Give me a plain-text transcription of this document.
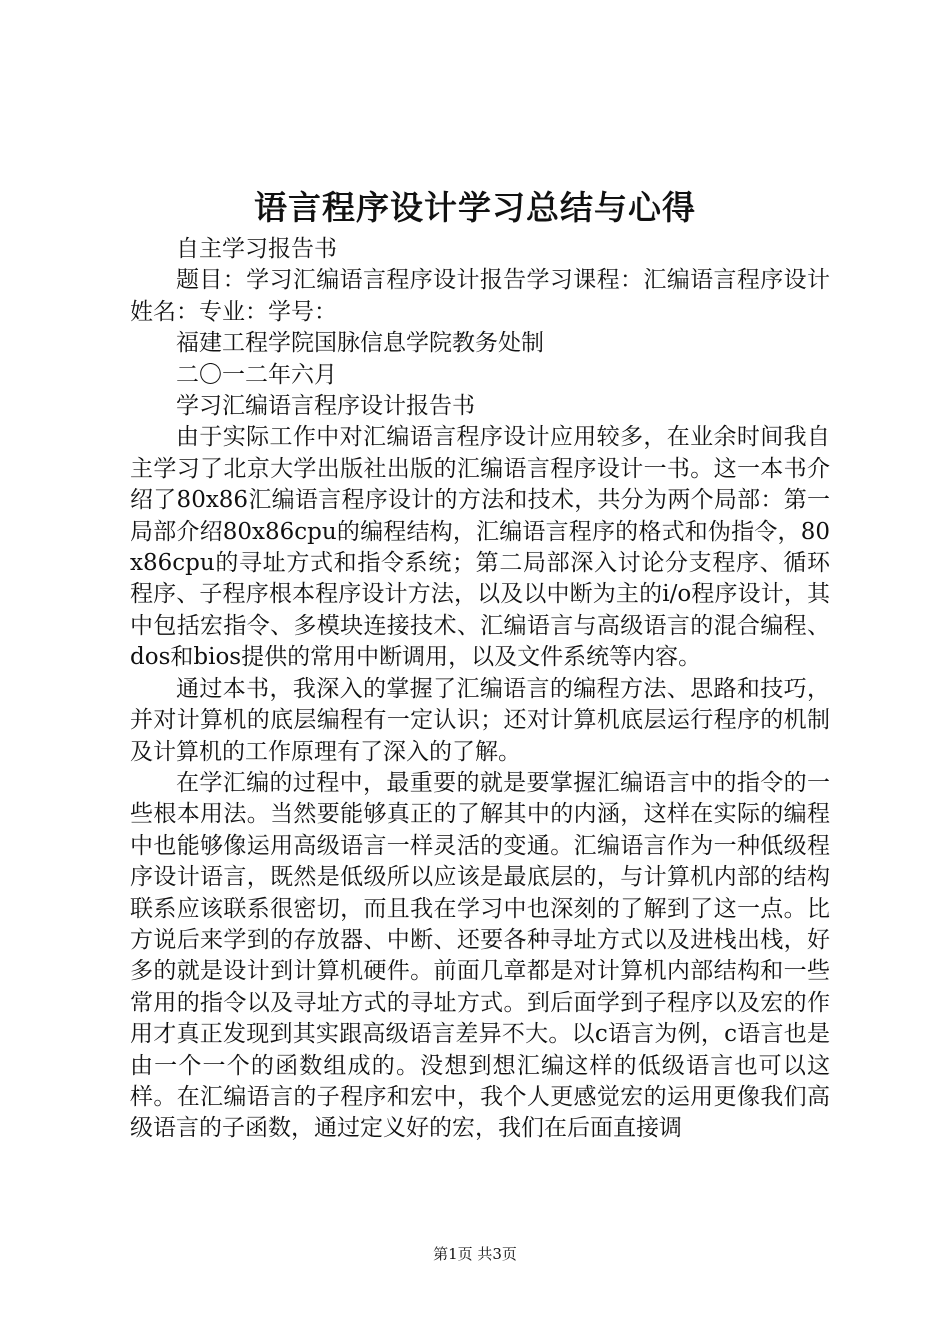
语言程序设计学习总结与心得

自主学习报告书

题目：学习汇编语言程序设计报告学习课程：汇编语言程序设计姓名：专业：学号：

福建工程学院国脉信息学院教务处制

二〇一二年六月

学习汇编语言程序设计报告书

由于实际工作中对汇编语言程序设计应用较多，在业余时间我自主学习了北京大学出版社出版的汇编语言程序设计一书。这一本书介绍了80x86汇编语言程序设计的方法和技术，共分为两个局部：第一局部介绍80x86cpu的编程结构，汇编语言程序的格式和伪指令，80x86cpu的寻址方式和指令系统；第二局部深入讨论分支程序、循环程序、子程序根本程序设计方法，以及以中断为主的i/o程序设计，其中包括宏指令、多模块连接技术、汇编语言与高级语言的混合编程、dos和bios提供的常用中断调用，以及文件系统等内容。

通过本书，我深入的掌握了汇编语言的编程方法、思路和技巧，并对计算机的底层编程有一定认识；还对计算机底层运行程序的机制及计算机的工作原理有了深入的了解。

在学汇编的过程中，最重要的就是要掌握汇编语言中的指令的一些根本用法。当然要能够真正的了解其中的内涵，这样在实际的编程中也能够像运用高级语言一样灵活的变通。汇编语言作为一种低级程序设计语言，既然是低级所以应该是最底层的，与计算机内部的结构联系应该联系很密切，而且我在学习中也深刻的了解到了这一点。比方说后来学到的存放器、中断、还要各种寻址方式以及进栈出栈，好多的就是设计到计算机硬件。前面几章都是对计算机内部结构和一些常用的指令以及寻址方式的寻址方式。到后面学到子程序以及宏的作用才真正发现到其实跟高级语言差异不大。以c语言为例，c语言也是由一个一个的函数组成的。没想到想汇编这样的低级语言也可以这样。在汇编语言的子程序和宏中，我个人更感觉宏的运用更像我们高级语言的子函数，通过定义好的宏，我们在后面直接调

第1页 共3页
